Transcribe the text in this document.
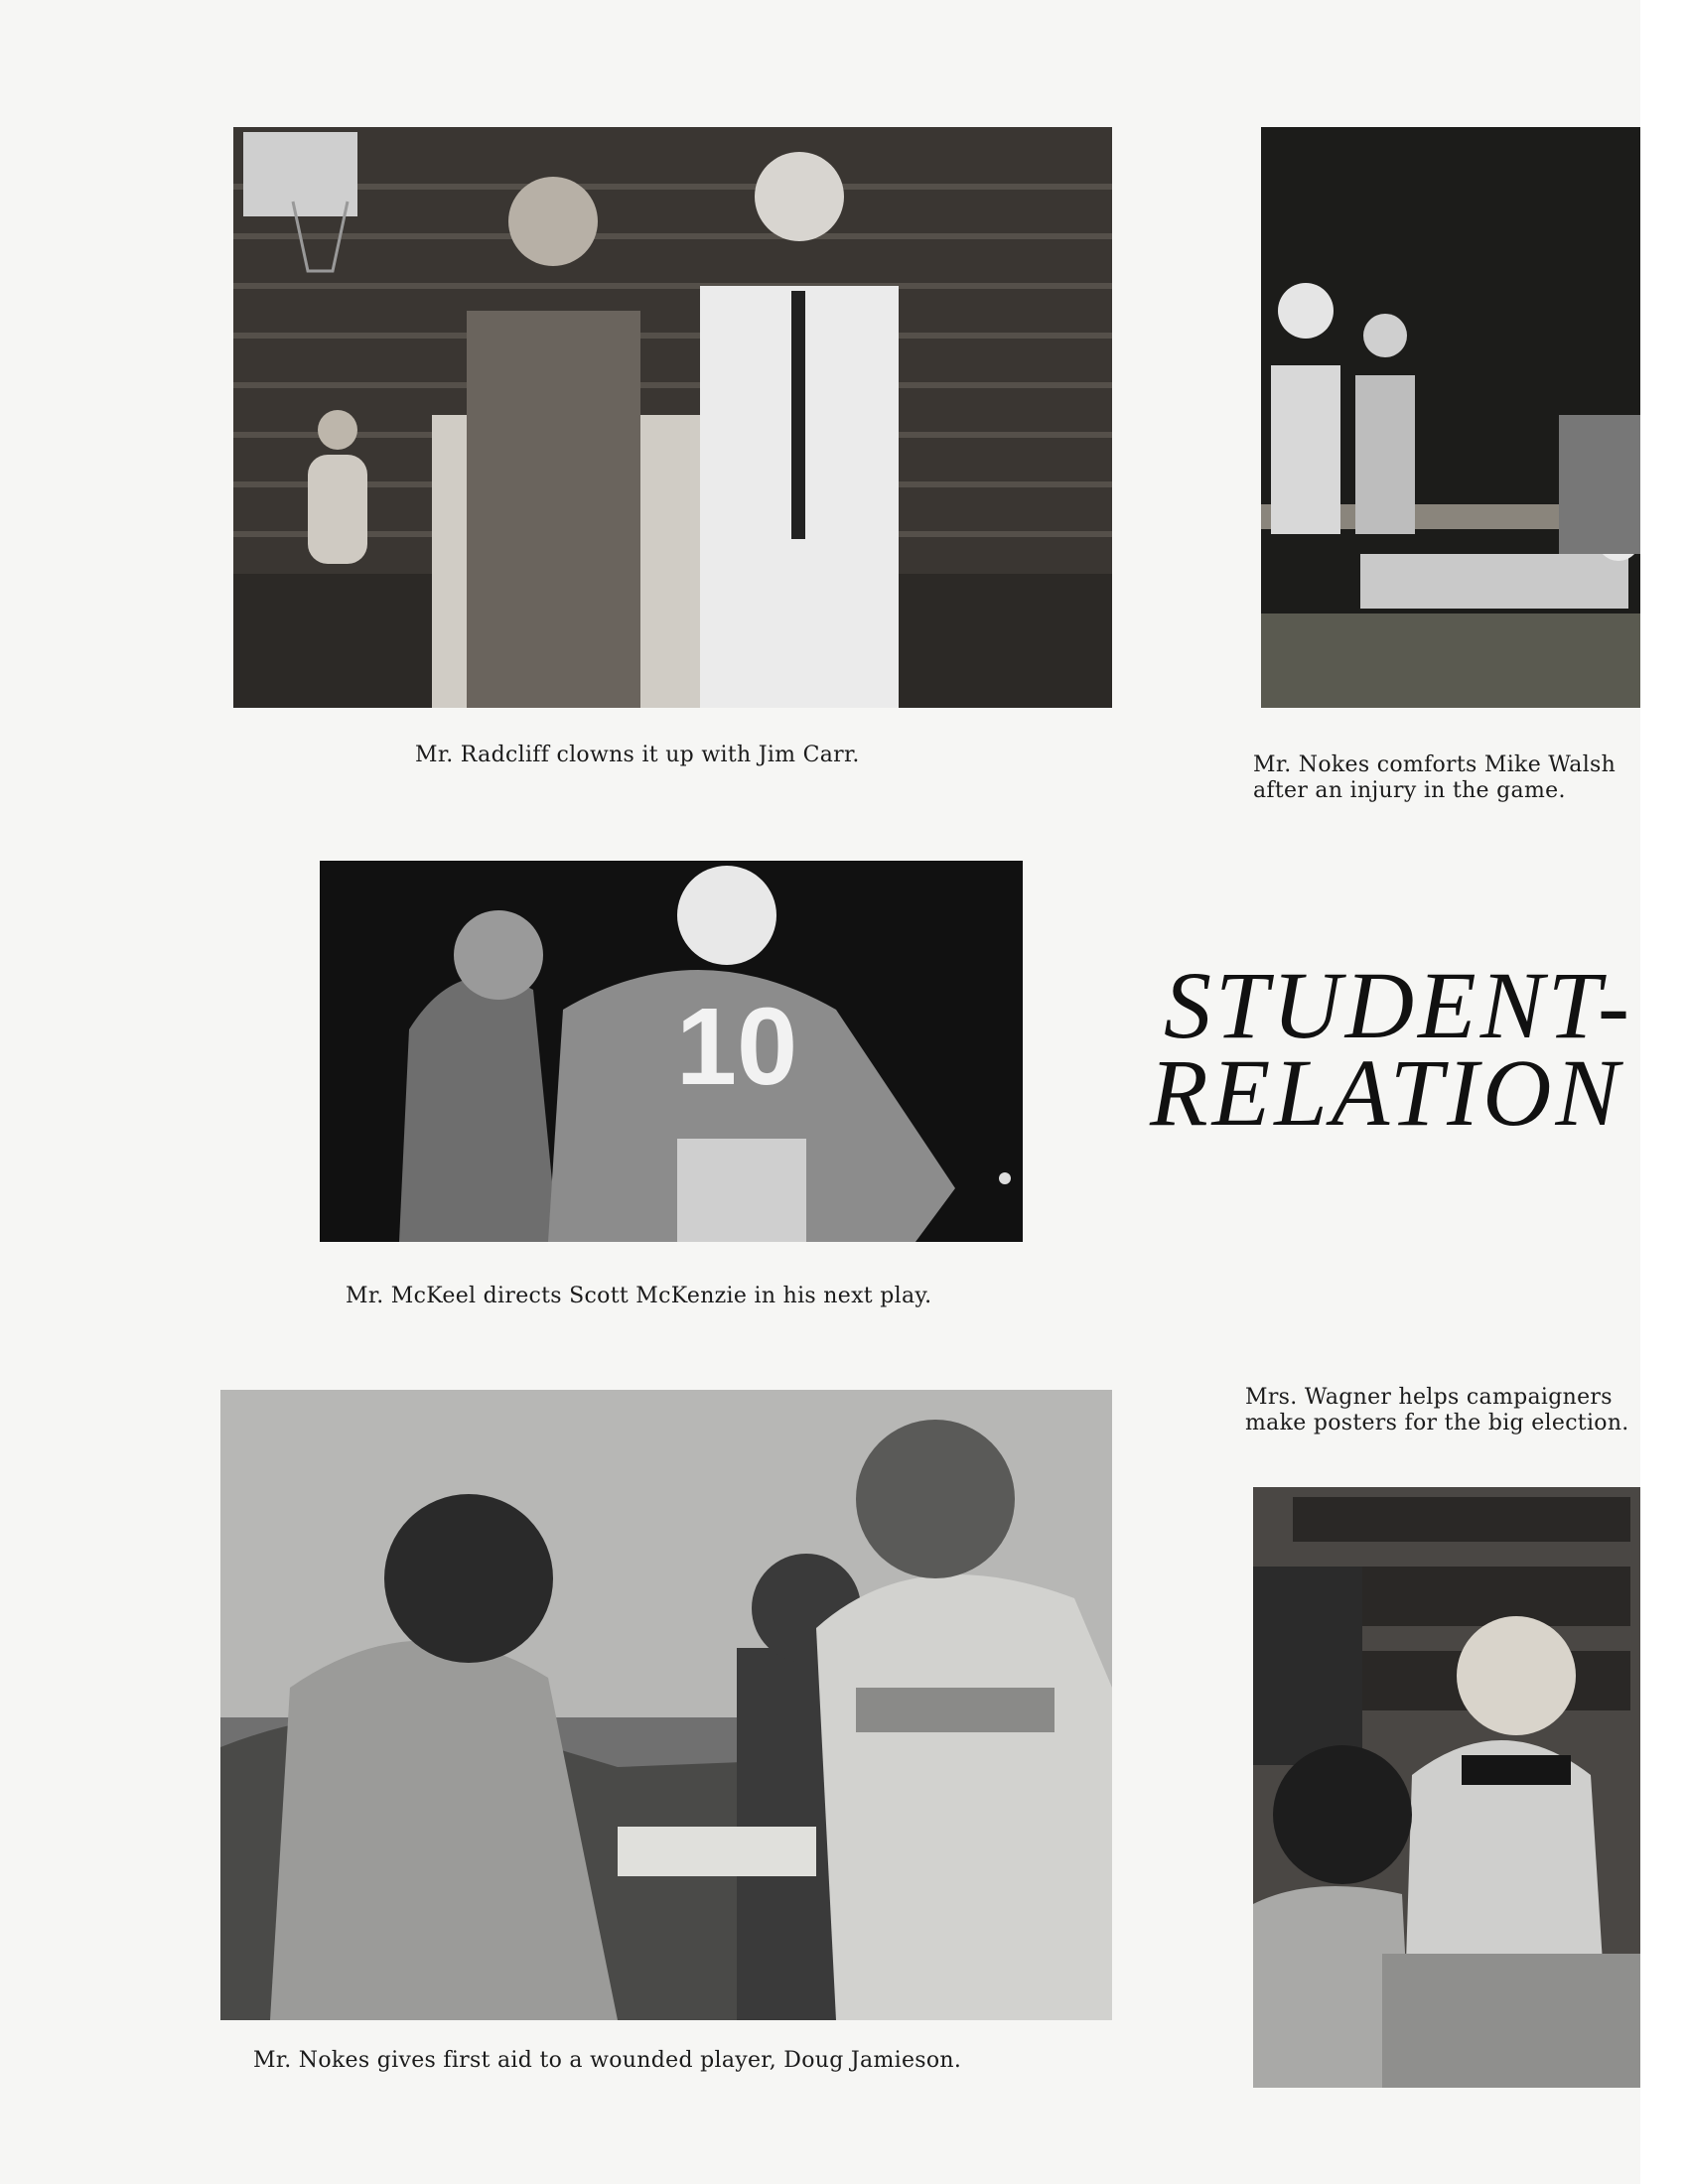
Mr. Radcliff clowns it up with Jim Carr.	Mr. Nokes comforts Mike Walsh after an injury in the game.
STUDENT-
RELATION
10
Mr. McKeel directs Scott McKenzie in his next play.
Mrs. Wagner helps campaigners make posters for the big election.
Mr. Nokes gives first aid to a wounded player, Doug Jamieson.
